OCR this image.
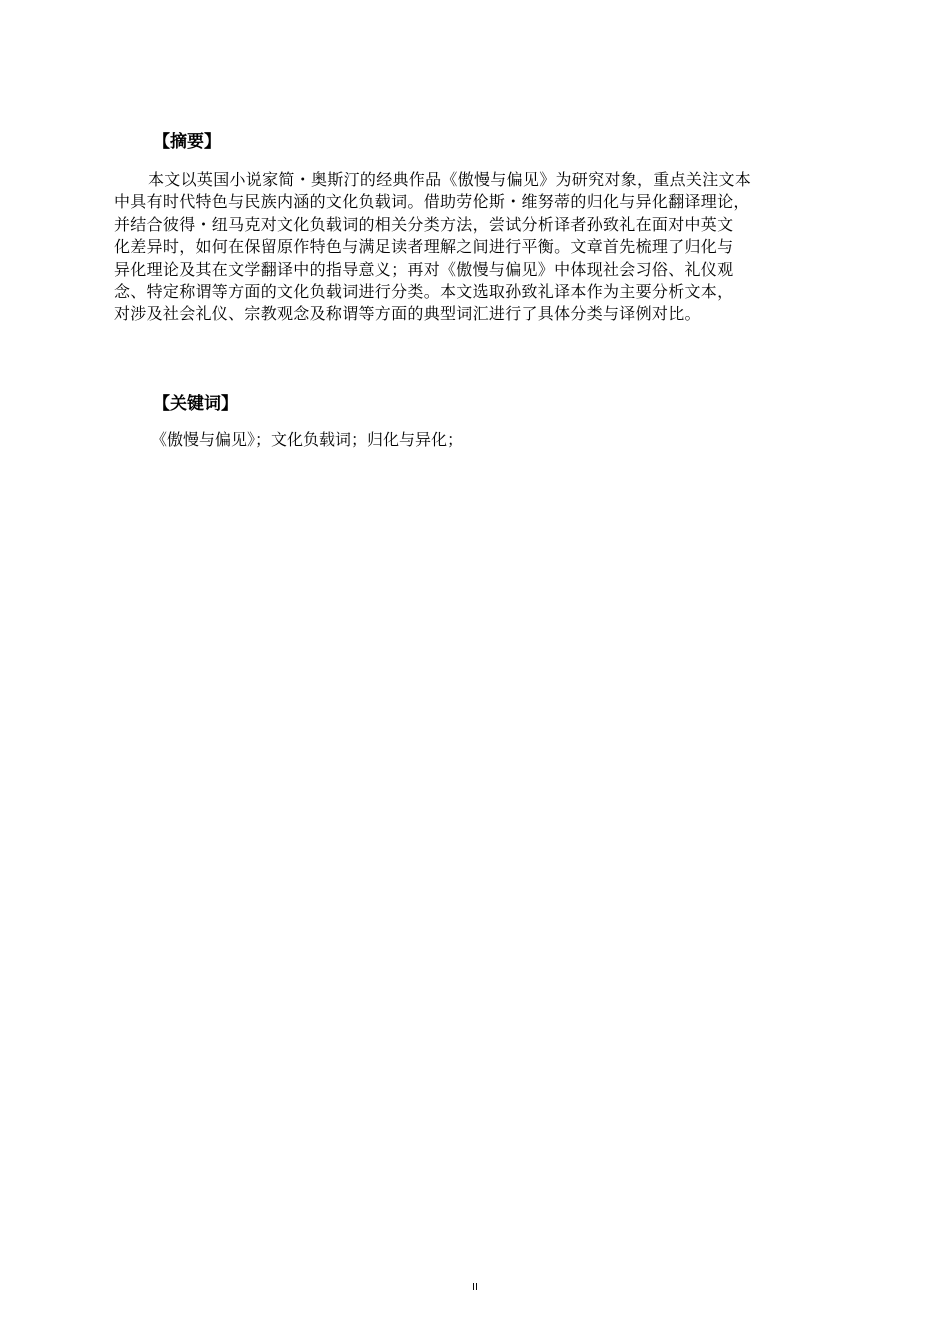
【摘要】
本文以英国小说家简・奥斯汀的经典作品《傲慢与偏见》为研究对象，重点关注文本
中具有时代特色与民族内涵的文化负载词。借助劳伦斯・维努蒂的归化与异化翻译理论，
并结合彼得・纽马克对文化负载词的相关分类方法，尝试分析译者孙致礼在面对中英文
化差异时，如何在保留原作特色与满足读者理解之间进行平衡。文章首先梳理了归化与
异化理论及其在文学翻译中的指导意义；再对《傲慢与偏见》中体现社会习俗、礼仪观
念、特定称谓等方面的文化负载词进行分类。本文选取孙致礼译本作为主要分析文本，
对涉及社会礼仪、宗教观念及称谓等方面的典型词汇进行了具体分类与译例对比。
【关键词】
《傲慢与偏见》；文化负载词；归化与异化；
II
